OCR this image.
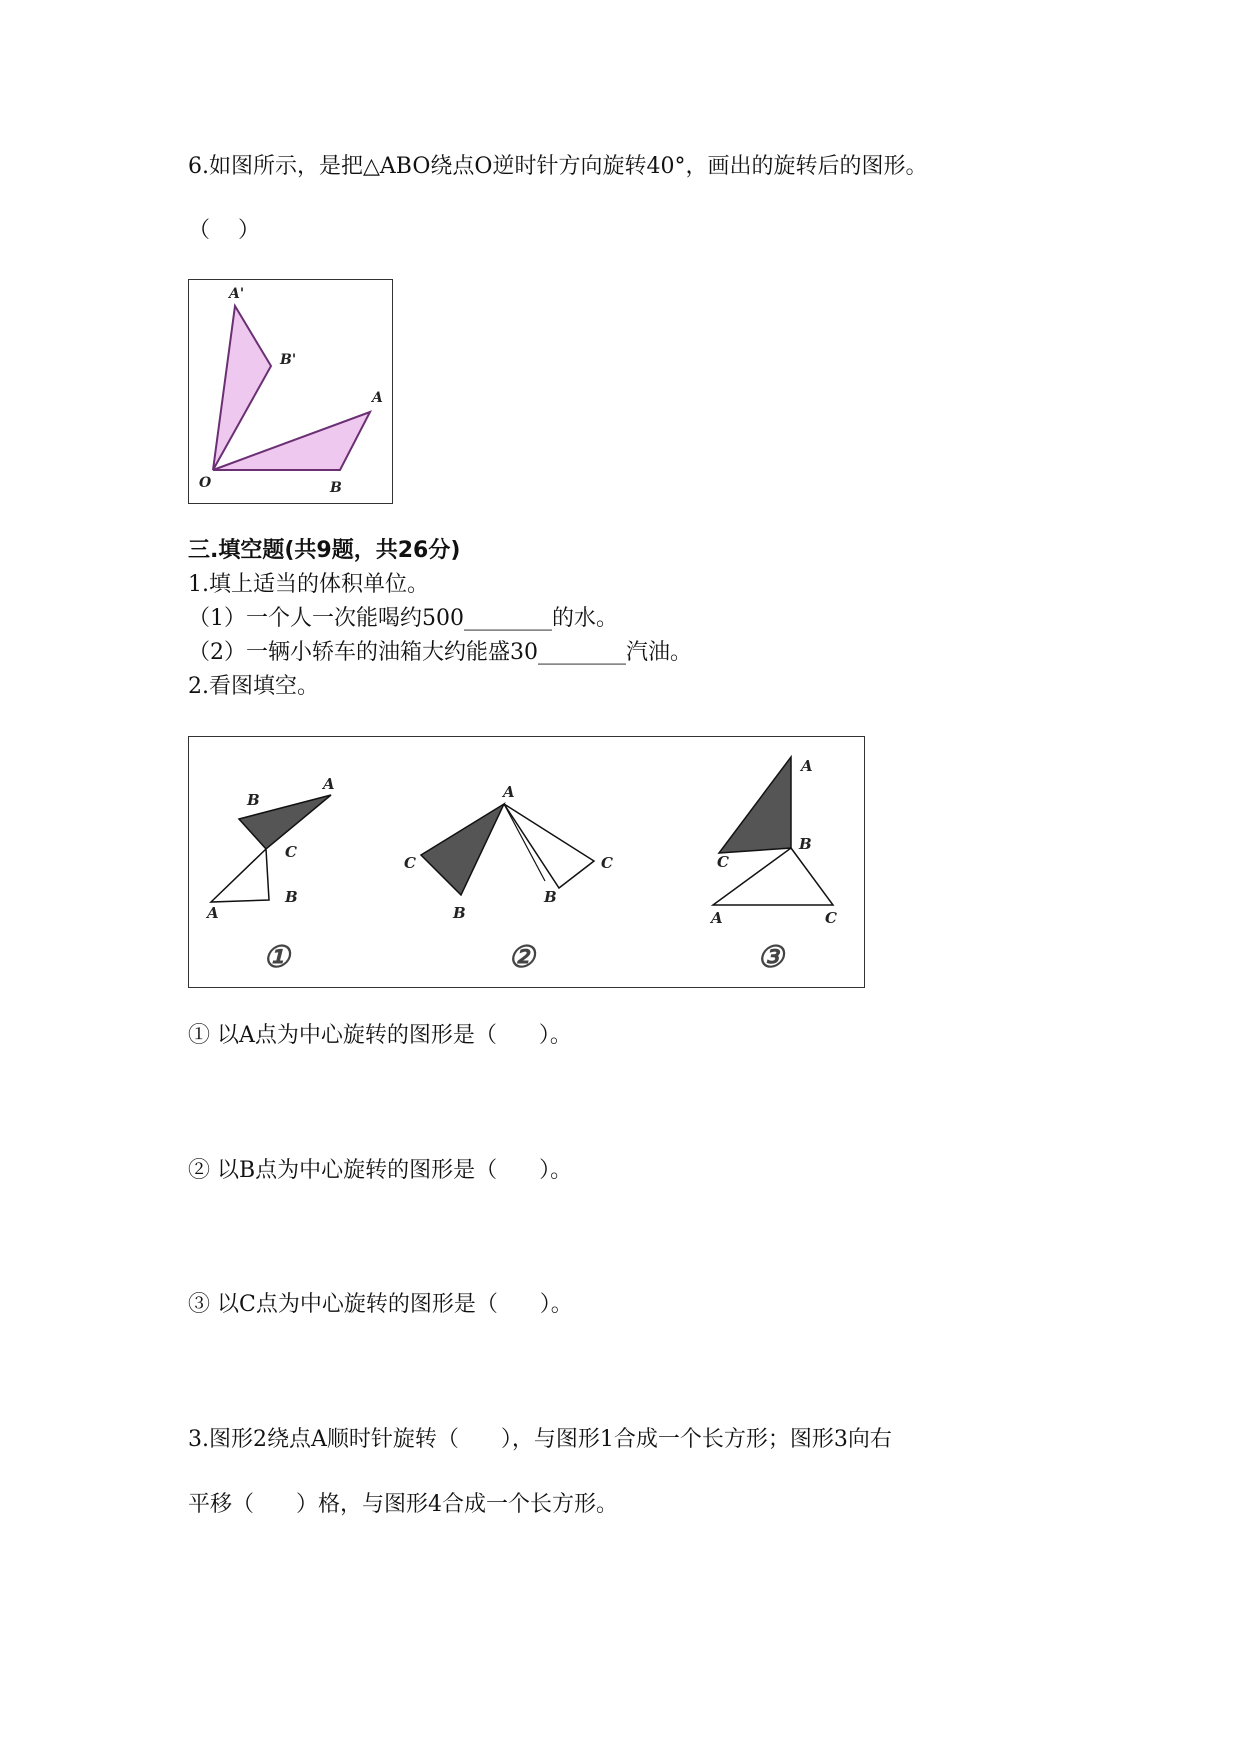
6.如图所示，是把△ABO绕点O逆时针方向旋转40°，画出的旋转后的图形。
（    ）
A'
B'
A
O	B
三.填空题(共9题，共26分)
1.填上适当的体积单位。
（1）一个人一次能喝约500________的水。
（2）一辆小轿车的油箱大约能盛30________汽油。
2.看图填空。
B
A
C
A
B
①
A
C
B
C
B
②
A
B
C
A	C
③
① 以A点为中心旋转的图形是（      ）。
② 以B点为中心旋转的图形是（      ）。
③ 以C点为中心旋转的图形是（      ）。
3.图形2绕点A顺时针旋转（      ），与图形1合成一个长方形；图形3向右
平移（      ）格，与图形4合成一个长方形。
